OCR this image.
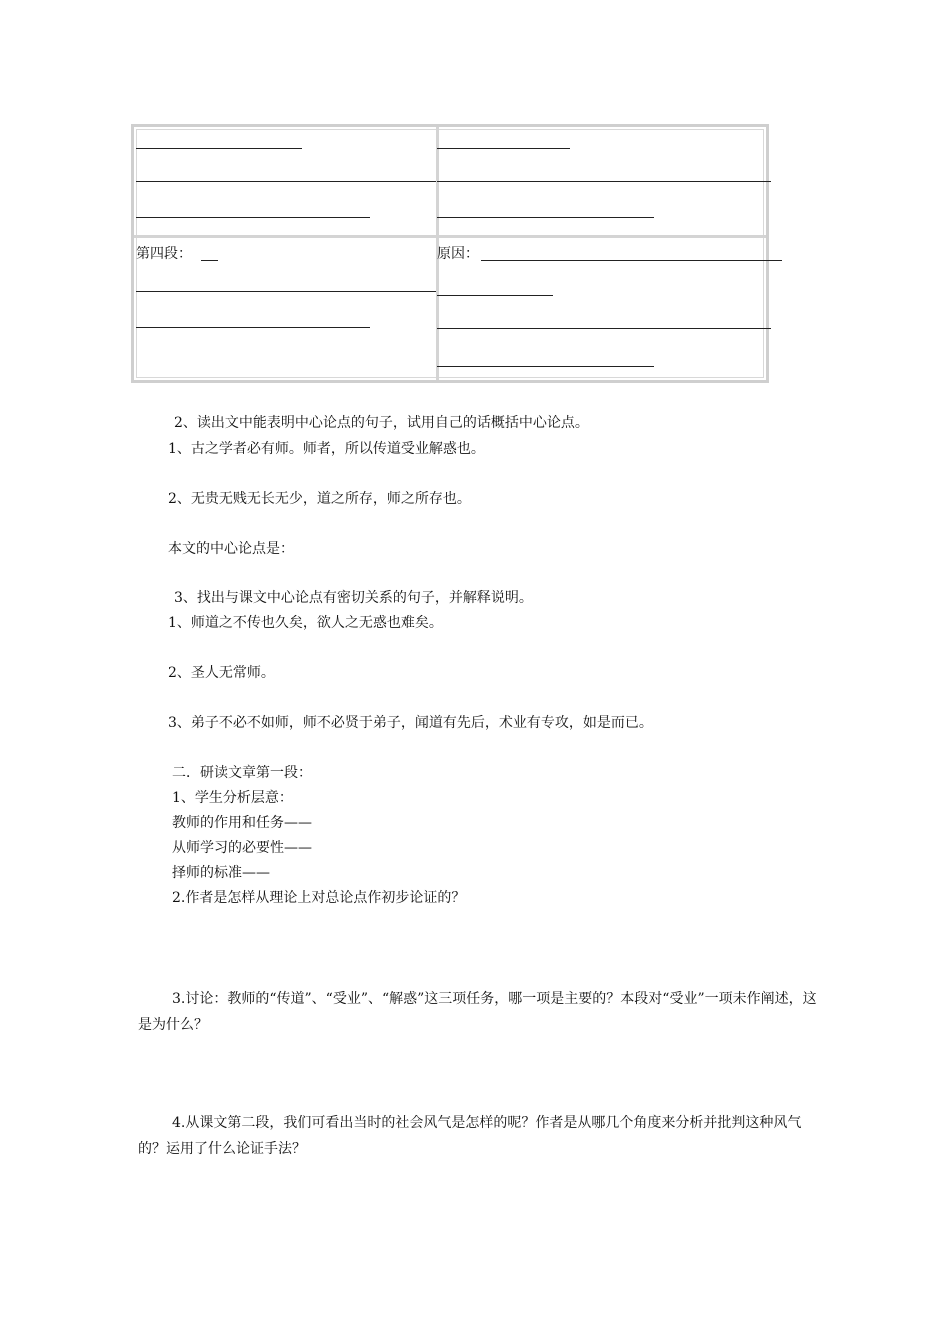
第四段：	原因：
2、读出文中能表明中心论点的句子，试用自己的话概括中心论点。
1、古之学者必有师。师者，所以传道受业解惑也。
2、无贵无贱无长无少，道之所存，师之所存也。
本文的中心论点是：
3、找出与课文中心论点有密切关系的句子，并解释说明。
1、师道之不传也久矣，欲人之无惑也难矣。
2、圣人无常师。
3、弟子不必不如师，师不必贤于弟子，闻道有先后，术业有专攻，如是而已。
二．研读文章第一段：
1、学生分析层意：
教师的作用和任务——
从师学习的必要性——
择师的标准——
2.作者是怎样从理论上对总论点作初步论证的？
3.讨论：教师的“传道”、“受业”、“解惑”这三项任务，哪一项是主要的？本段对“受业”一项未作阐述，这是为什么？
4.从课文第二段，我们可看出当时的社会风气是怎样的呢？作者是从哪几个角度来分析并批判这种风气的？运用了什么论证手法？
